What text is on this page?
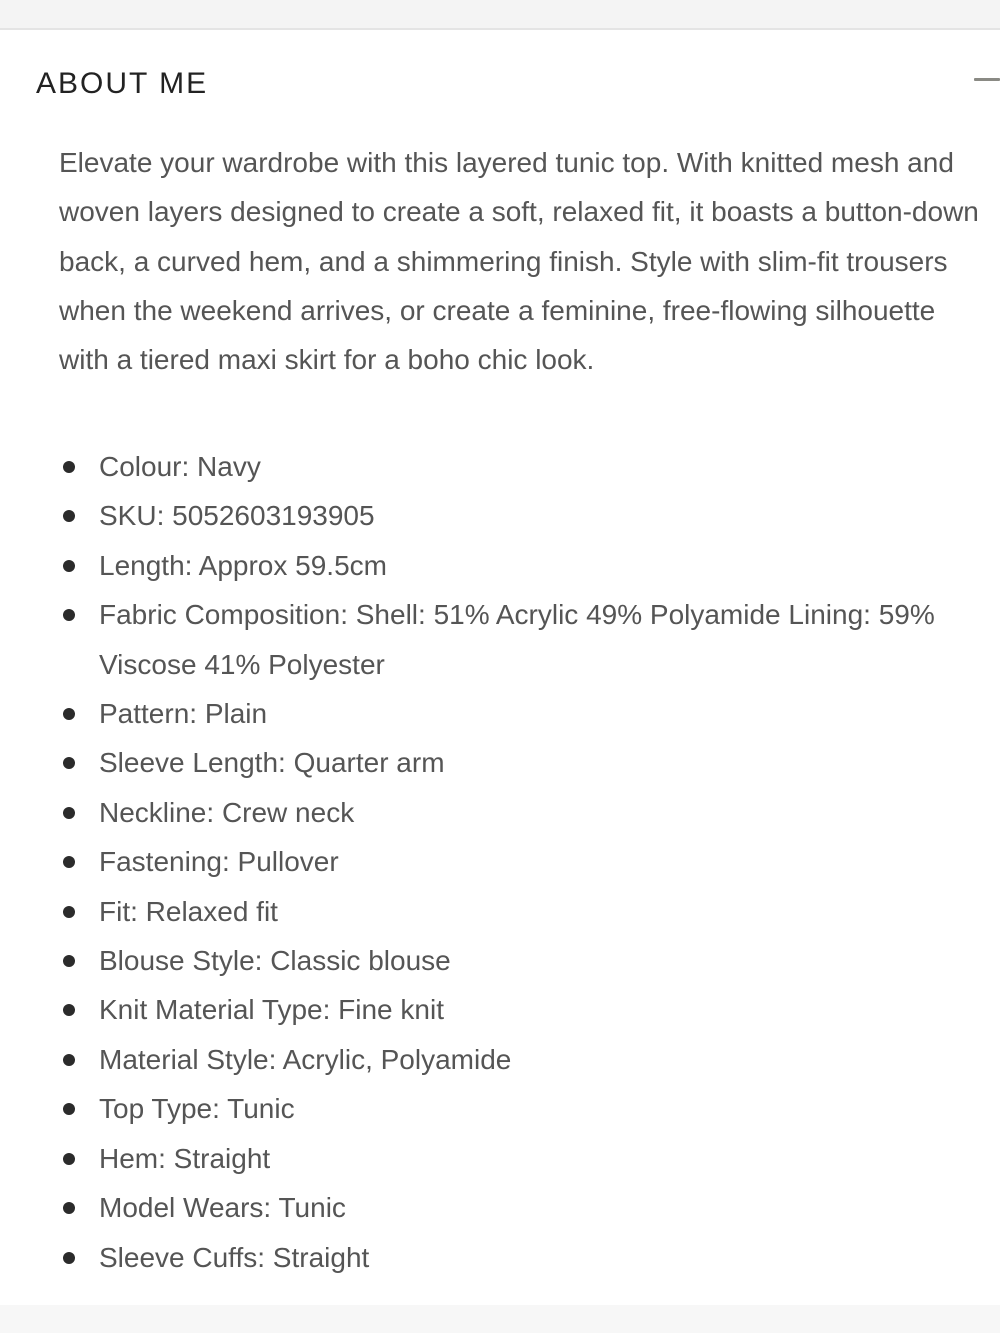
ABOUT ME

Elevate your wardrobe with this layered tunic top. With knitted mesh and woven layers designed to create a soft, relaxed fit, it boasts a button-down back, a curved hem, and a shimmering finish. Style with slim-fit trousers when the weekend arrives, or create a feminine, free-flowing silhouette with a tiered maxi skirt for a boho chic look.

Colour: Navy
SKU: 5052603193905
Length: Approx 59.5cm
Fabric Composition: Shell: 51% Acrylic 49% Polyamide Lining: 59% Viscose 41% Polyester
Pattern: Plain
Sleeve Length: Quarter arm
Neckline: Crew neck
Fastening: Pullover
Fit: Relaxed fit
Blouse Style: Classic blouse
Knit Material Type: Fine knit
Material Style: Acrylic, Polyamide
Top Type: Tunic
Hem: Straight
Model Wears: Tunic
Sleeve Cuffs: Straight
